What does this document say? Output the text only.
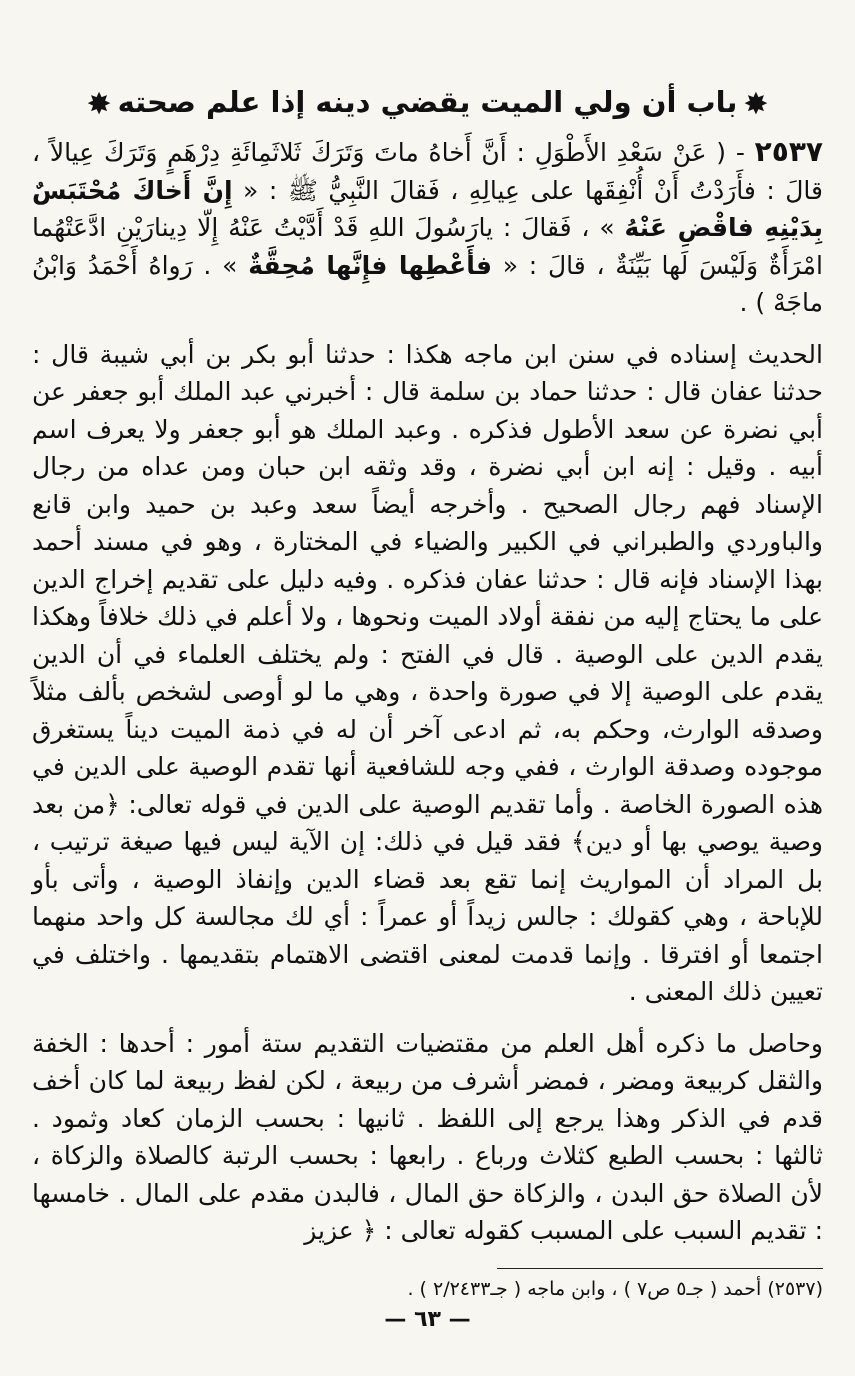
✸باب أن ولي الميت يقضي دينه إذا علم صحته✸

٢٥٣٧ - ( عَنْ سَعْدِ الأَطْوَلِ : أَنَّ أَخاهُ ماتَ وَتَرَكَ ثَلاثَمِائَةِ دِرْهَمٍ وَتَرَكَ عِيالاً ، قالَ : فأَرَدْتُ أَنْ أُنْفِقَها على عِيالِهِ ، فَقالَ النَّبِيُّ ﷺ : « إِنَّ أَخاكَ مُحْتَبَسٌ بِدَيْنِهِ فاقْضِ عَنْهُ » ، فَقالَ : يارَسُولَ اللهِ قَدْ أَدَّيْتُ عَنْهُ إِلّا دِينارَيْنِ ادَّعَتْهُما امْرَأَةٌ وَلَيْسَ لَها بَيِّنَةٌ ، قالَ : « فأَعْطِها فإِنَّها مُحِقَّةٌ » . رَواهُ أَحْمَدُ وَابْنُ ماجَهْ ) .

الحديث إسناده في سنن ابن ماجه هكذا : حدثنا أبو بكر بن أبي شيبة قال : حدثنا عفان قال : حدثنا حماد بن سلمة قال : أخبرني عبد الملك أبو جعفر عن أبي نضرة عن سعد الأطول فذكره . وعبد الملك هو أبو جعفر ولا يعرف اسم أبيه . وقيل : إنه ابن أبي نضرة ، وقد وثقه ابن حبان ومن عداه من رجال الإسناد فهم رجال الصحيح . وأخرجه أيضاً سعد وعبد بن حميد وابن قانع والباوردي والطبراني في الكبير والضياء في المختارة ، وهو في مسند أحمد بهذا الإسناد فإنه قال : حدثنا عفان فذكره . وفيه دليل على تقديم إخراج الدين على ما يحتاج إليه من نفقة أولاد الميت ونحوها ، ولا أعلم في ذلك خلافاً وهكذا يقدم الدين على الوصية . قال في الفتح : ولم يختلف العلماء في أن الدين يقدم على الوصية إلا في صورة واحدة ، وهي ما لو أوصى لشخص بألف مثلاً وصدقه الوارث، وحكم به، ثم ادعى آخر أن له في ذمة الميت ديناً يستغرق موجوده وصدقة الوارث ، ففي وجه للشافعية أنها تقدم الوصية على الدين في هذه الصورة الخاصة . وأما تقديم الوصية على الدين في قوله تعالى: ﴿من بعد وصية يوصي بها أو دين﴾ فقد قيل في ذلك: إن الآية ليس فيها صيغة ترتيب ، بل المراد أن المواريث إنما تقع بعد قضاء الدين وإنفاذ الوصية ، وأتى بأو للإباحة ، وهي كقولك : جالس زيداً أو عمراً : أي لك مجالسة كل واحد منهما اجتمعا أو افترقا . وإنما قدمت لمعنى اقتضى الاهتمام بتقديمها . واختلف في تعيين ذلك المعنى .

وحاصل ما ذكره أهل العلم من مقتضيات التقديم ستة أمور : أحدها : الخفة والثقل كربيعة ومضر ، فمضر أشرف من ربيعة ، لكن لفظ ربيعة لما كان أخف قدم في الذكر وهذا يرجع إلى اللفظ . ثانيها : بحسب الزمان كعاد وثمود . ثالثها : بحسب الطبع كثلاث ورباع . رابعها : بحسب الرتبة كالصلاة والزكاة ، لأن الصلاة حق البدن ، والزكاة حق المال ، فالبدن مقدم على المال . خامسها : تقديم السبب على المسبب كقوله تعالى : ﴿ عزيز

(٢٥٣٧) أحمد ( جـ٥ ص٧ ) ، وابن ماجه ( جـ٢/٢٤٣٣ ) .
— ٦٣ —
